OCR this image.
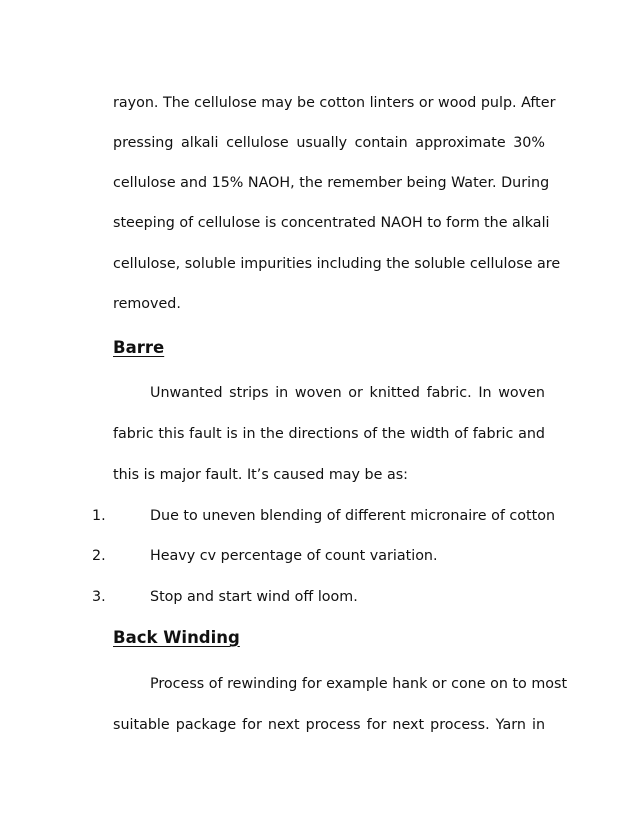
rayon. The cellulose may be cotton linters or wood pulp. After
pressing alkali cellulose usually contain approximate 30%
cellulose and 15% NAOH, the remember being Water. During
steeping of cellulose is concentrated NAOH to form the alkali
cellulose, soluble impurities including the soluble cellulose are
removed.
Barre
Unwanted strips in woven or knitted fabric. In woven
fabric this fault is in the directions of the width of fabric and
this is major fault. It’s caused may be as:
1.	Due to uneven blending of different micronaire of cotton
2.	Heavy cv percentage of count variation.
3.	Stop and start wind off loom.
Back Winding
Process of rewinding for example hank or cone on to most
suitable package for next process for next process. Yarn in
